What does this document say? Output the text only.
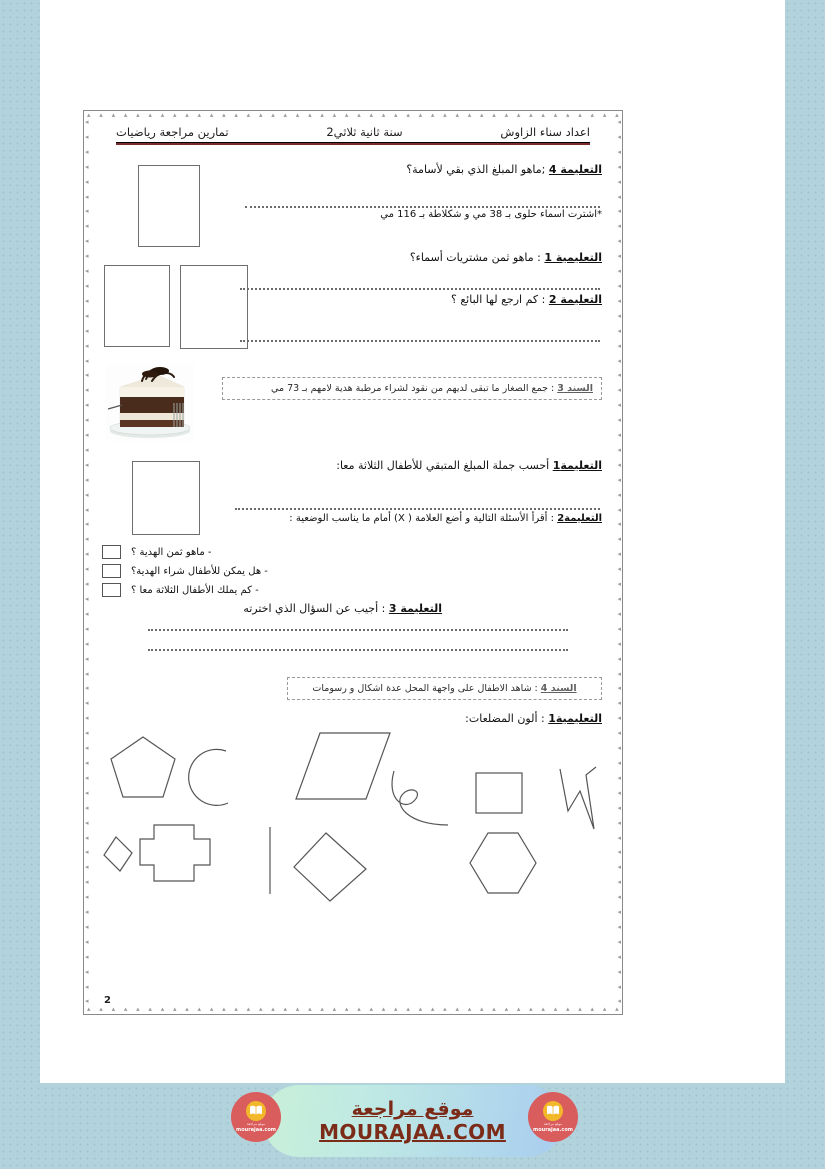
▴ ▴ ▴ ▴ ▴ ▴ ▴ ▴ ▴ ▴ ▴ ▴ ▴ ▴ ▴ ▴ ▴ ▴ ▴ ▴ ▴ ▴ ▴ ▴ ▴ ▴ ▴ ▴ ▴ ▴ ▴ ▴ ▴ ▴ ▴ ▴ ▴ ▴ ▴ ▴ ▴ ▴ ▴ ▴
▴ ▴ ▴ ▴ ▴ ▴ ▴ ▴ ▴ ▴ ▴ ▴ ▴ ▴ ▴ ▴ ▴ ▴ ▴ ▴ ▴ ▴ ▴ ▴ ▴ ▴ ▴ ▴ ▴ ▴ ▴ ▴ ▴ ▴ ▴ ▴ ▴ ▴ ▴ ▴ ▴ ▴ ▴ ▴
◂
◂
◂
◂
◂
◂
◂
◂
◂
◂
◂
◂
◂
◂
◂
◂
◂
◂
◂
◂
◂
◂
◂
◂
◂
◂
◂
◂
◂
◂
◂
◂
◂
◂
◂
◂
◂
◂
◂
◂
◂
◂
◂
◂
◂
◂
◂
◂
◂
◂
◂
◂
◂
◂
◂
◂
◂
◂
◂
◂
◂
◂
◂
◂
◂
◂
◂
◂
◂
◂
◂
◂
◂
◂
◂
◂
◂
◂
◂
◂
◂
◂
◂
◂
◂
◂
◂
◂
◂
◂
◂
◂
◂
◂
◂
◂
◂
◂
◂
◂
◂
◂
◂
◂
◂
◂
◂
◂
◂
◂
◂
◂
◂
◂
◂
◂
◂
◂
◂
◂
تمارين مراجعة رياضيات	سنة ثانية ثلاثي2	اعداد سناء الزاوش
التعليمة 4 ;ماهو المبلغ الذي بقي لأسامة؟
*اشترت اسماء حلوى بـ 38 مي و شكلاطة بـ 116 مي
التعليمية 1 : ماهو ثمن مشتريات أسماء؟
التعليمة 2 : كم ارجع لها البائع ؟
السند 3 : جمع الصغار ما تبقى لديهم من نقود لشراء مرطبة هدية لامهم بـ 73 مي
التعليمة1 أحسب جملة المبلغ المتبقي للأطفال الثلاثة معا:
التعليمة2 : أقرأ الأسئلة التالية و أضع العلامة ( X) أمام ما يناسب الوضعية :
- ماهو ثمن الهدية ؟
- هل يمكن للأطفال شراء الهدية؟
- كم يملك الأطفال الثلاثة معا ؟
التعليمة 3 : أجيب عن السؤال الذي اخترته
السند 4 : شاهد الاطفال على واجهة المحل عدة اشكال و رسومات
التعليمية1 : ألون المضلعات:
2
موقع مراجعة
MOURAJAA.COM
موقع مراجعة
mourajaa.com
موقع مراجعة
mourajaa.com
